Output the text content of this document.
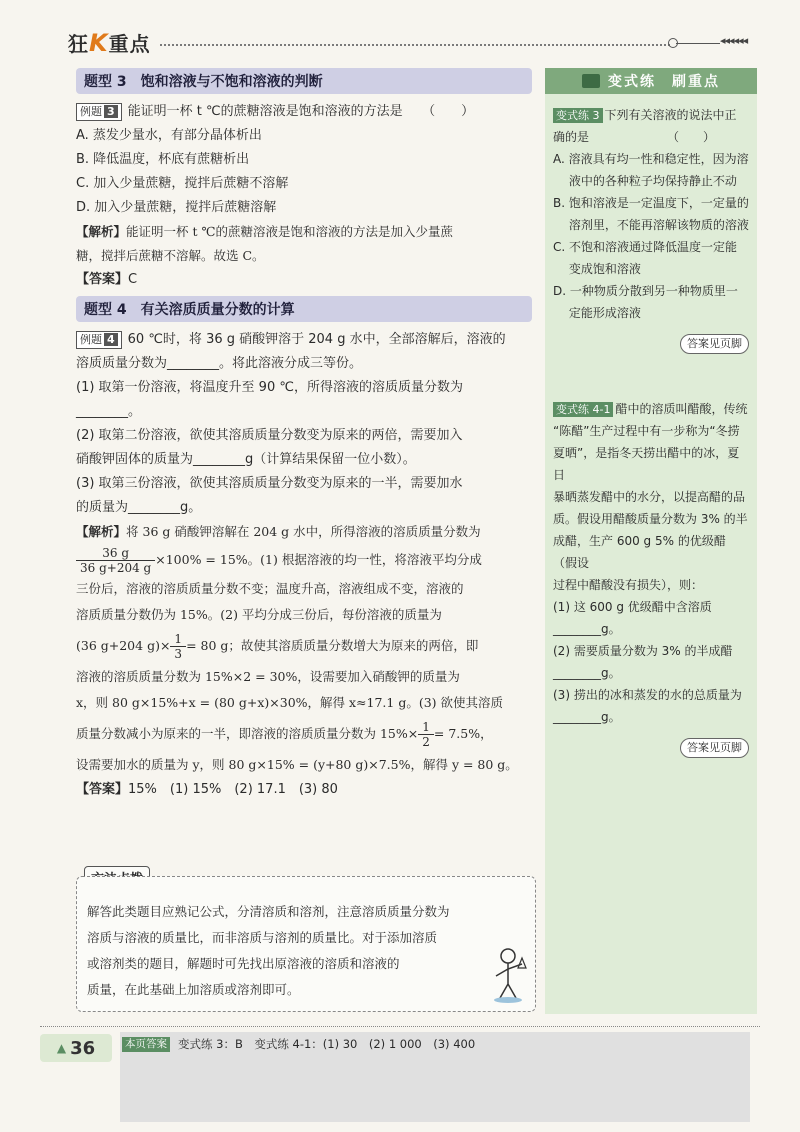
狂K重点	◂◂◂◂◂◂
题型 3 饱和溶液与不饱和溶液的判断

例题 3 能证明一杯 t ℃的蔗糖溶液是饱和溶液的方法是　　（　　）

A. 蒸发少量水，有部分晶体析出

B. 降低温度，杯底有蔗糖析出

C. 加入少量蔗糖，搅拌后蔗糖不溶解

D. 加入少量蔗糖，搅拌后蔗糖溶解

【解析】能证明一杯 t ℃的蔗糖溶液是饱和溶液的方法是加入少量蔗

糖，搅拌后蔗糖不溶解。故选 C。

【答案】C

题型 4 有关溶质质量分数的计算

例题 4 60 ℃时，将 36 g 硝酸钾溶于 204 g 水中，全部溶解后，溶液的

溶质质量分数为________。将此溶液分成三等份。

(1) 取第一份溶液，将温度升至 90 ℃，所得溶液的溶质质量分数为

________。

(2) 取第二份溶液，欲使其溶质质量分数变为原来的两倍，需要加入

硝酸钾固体的质量为________g（计算结果保留一位小数）。

(3) 取第三份溶液，欲使其溶质质量分数变为原来的一半，需要加水

的质量为________g。

【解析】将 36 g 硝酸钾溶解在 204 g 水中，所得溶液的溶质质量分数为

$\frac{36 g}{36 g+204 g} \times 100\% = 15\%$。(1) 根据溶液的均一性，将溶液平均分成

三份后，溶液的溶质质量分数不变；温度升高，溶液组成不变，溶液的

溶质质量分数仍为 15%。(2) 平均分成三份后，每份溶液的质量为

(36 g+204 $g)\times \frac{1}{3} = 80$ g；故使其溶质质量分数增大为原来的两倍，即

溶液的溶质质量分数为 15%×2 = 30%，设需要加入硝酸钾的质量为

x，则 80 g×15%+x = (80 g+x)×30%，解得 x≈17.1 g。(3) 欲使其溶质

质量分数减小为原来的一半，即溶液的溶质质量分数为 $15\%\times \frac{1}{2} = 7.5\%$，

设需要加水的质量为 y，则 80 g×15% = (y+80 g)×7.5%，解得 y = 80 g。

【答案】15%　(1) 15%　(2) 17.1　(3) 80

解答此类题目应熟记公式，分清溶质和溶剂，注意溶质质量分数为

溶质与溶液的质量比，而非溶质与溶剂的质量比。对于添加溶质

或溶剂类的题目，解题时可先找出原溶液的溶质和溶液的

质量，在此基础上加溶质或溶剂即可。

变式练　刷重点

变式练 3 下列有关溶液的说法中正

确的是　　　　　　　（　　）

A. 溶液具有均一性和稳定性，因为溶

　 液中的各种粒子均保持静止不动

B. 饱和溶液是一定温度下，一定量的

　 溶剂里，不能再溶解该物质的溶液

C. 不饱和溶液通过降低温度一定能

　 变成饱和溶液

D. 一种物质分散到另一种物质里一

　 定能形成溶液

答案见页脚

变式练 4-1 醋中的溶质叫醋酸，传统

“陈醋”生产过程中有一步称为“冬捞

夏晒”，是指冬天捞出醋中的冰，夏日

暴晒蒸发醋中的水分，以提高醋的品

质。假设用醋酸质量分数为 3% 的半

成醋，生产 600 g 5% 的优级醋（假设

过程中醋酸没有损失），则：

(1) 这 600 g 优级醋中含溶质

________g。

(2) 需要质量分数为 3% 的半成醋

________g。

(3) 捞出的冰和蒸发的水的总质量为

________g。

答案见页脚

▲ 36	本页答案 变式练 3：B　变式练 4-1：(1) 30　(2) 1 000　(3) 400
